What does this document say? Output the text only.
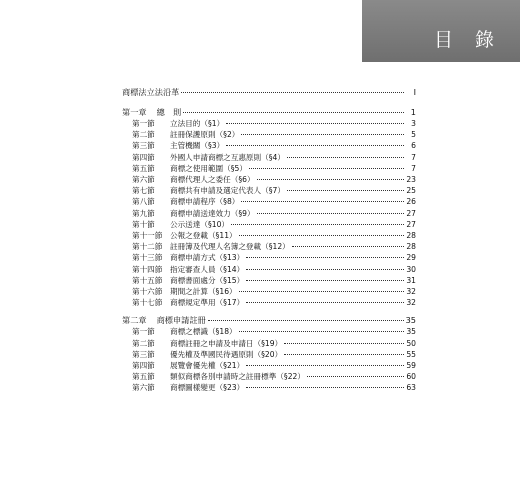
目 錄
商標法立法沿革	I
第一章 總　則	1
第一節 立法目的（§1）	3
第二節 註冊保護原則（§2）	5
第三節 主管機關（§3）	6
第四節 外國人申請商標之互惠原則（§4）	7
第五節 商標之使用範圍（§5）	7
第六節 商標代理人之委任（§6）	23
第七節 商標共有申請及選定代表人（§7）	25
第八節 商標申請程序（§8）	26
第九節 商標申請送達效力（§9）	27
第十節 公示送達（§10）	27
第十一節 公報之登載（§11）	28
第十二節 註冊簿及代理人名簿之登載（§12）	28
第十三節 商標申請方式（§13）	29
第十四節 指定審查人員（§14）	30
第十五節 商標書面處分（§15）	31
第十六節 期間之計算（§16）	32
第十七節 商標規定準用（§17）	32
第二章 商標申請註冊	35
第一節 商標之標識（§18）	35
第二節 商標註冊之申請及申請日（§19）	50
第三節 優先權及準國民待遇原則（§20）	55
第四節 展覽會優先權（§21）	59
第五節 類似商標各別申請時之註冊標準（§22）	60
第六節 商標圖樣變更（§23）	63
